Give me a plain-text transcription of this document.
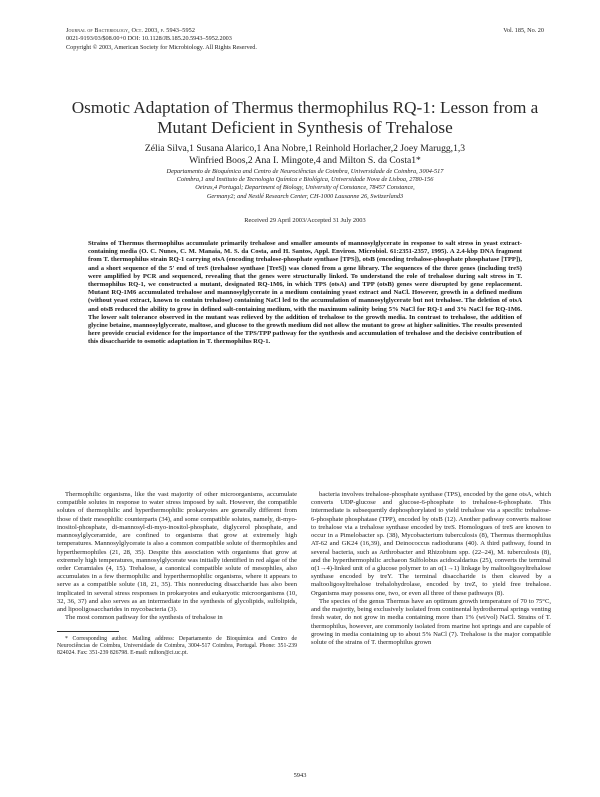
Journal of Bacteriology, Oct. 2003, p. 5943–5952	Vol. 185, No. 20
0021-9193/03/$08.00+0 DOI: 10.1128/JB.185.20.5943–5952.2003
Copyright © 2003, American Society for Microbiology. All Rights Reserved.
Osmotic Adaptation of Thermus thermophilus RQ-1: Lesson from a
Mutant Deficient in Synthesis of Trehalose
Zélia Silva,1 Susana Alarico,1 Ana Nobre,1 Reinhold Horlacher,2 Joey Marugg,1,3
Winfried Boos,2 Ana I. Mingote,4 and Milton S. da Costa1*
Departamento de Bioquímica and Centro de Neurociências de Coimbra, Universidade de Coimbra, 3004-517
Coimbra,1 and Instituto de Tecnologia Química e Biológica, Universidade Nova de Lisboa, 2780-156
Oeiras,4 Portugal; Department of Biology, University of Constance, 78457 Constance,
Germany2; and Nestlé Research Center, CH-1000 Lausanne 26, Switzerland3
Received 29 April 2003/Accepted 31 July 2003
Strains of Thermus thermophilus accumulate primarily trehalose and smaller amounts of mannosylglycerate in response to salt stress in yeast extract-containing media (O. C. Nunes, C. M. Manaia, M. S. da Costa, and H. Santos, Appl. Environ. Microbiol. 61:2351-2357, 1995). A 2.4-kbp DNA fragment from T. thermophilus strain RQ-1 carrying otsA (encoding trehalose-phosphate synthase [TPS]), otsB (encoding trehalose-phosphate phosphatase [TPP]), and a short sequence of the 5′ end of treS (trehalose synthase [TreS]) was cloned from a gene library. The sequences of the three genes (including treS) were amplified by PCR and sequenced, revealing that the genes were structurally linked. To understand the role of trehalose during salt stress in T. thermophilus RQ-1, we constructed a mutant, designated RQ-1M6, in which TPS (otsA) and TPP (otsB) genes were disrupted by gene replacement. Mutant RQ-1M6 accumulated trehalose and mannosylglycerate in a medium containing yeast extract and NaCl. However, growth in a defined medium (without yeast extract, known to contain trehalose) containing NaCl led to the accumulation of mannosylglycerate but not trehalose. The deletion of otsA and otsB reduced the ability to grow in defined salt-containing medium, with the maximum salinity being 5% NaCl for RQ-1 and 3% NaCl for RQ-1M6. The lower salt tolerance observed in the mutant was relieved by the addition of trehalose to the growth media. In contrast to trehalose, the addition of glycine betaine, mannosylglycerate, maltose, and glucose to the growth medium did not allow the mutant to grow at higher salinities. The results presented here provide crucial evidence for the importance of the TPS/TPP pathway for the synthesis and accumulation of trehalose and the decisive contribution of this disaccharide to osmotic adaptation in T. thermophilus RQ-1.

Thermophilic organisms, like the vast majority of other microorganisms, accumulate compatible solutes in response to water stress imposed by salt. However, the compatible solutes of thermophilic and hyperthermophilic prokaryotes are generally different from those of their mesophilic counterparts (34), and some compatible solutes, namely, di-myo-inositol-phosphate, di-mannosyl-di-myo-inositol-phosphate, diglycerol phosphate, and mannosylglyceramide, are confined to organisms that grow at extremely high temperatures. Mannosylglycerate is also a common compatible solute of thermophiles and hyperthermophiles (21, 28, 35). Despite this association with organisms that grow at extremely high temperatures, mannosylglycerate was initially identified in red algae of the order Ceramiales (4, 15). Trehalose, a canonical compatible solute of mesophiles, also accumulates in a few thermophilic and hyperthermophilic organisms, where it appears to serve as a compatible solute (18, 21, 35). This nonreducing disaccharide has also been implicated in several stress responses in prokaryotes and eukaryotic microorganisms (10, 32, 36, 37) and also serves as an intermediate in the synthesis of glycolipids, sulfolipids, and lipooligosaccharides in mycobacteria (3).

The most common pathway for the synthesis of trehalose in

* Corresponding author. Mailing address: Departamento de Bioquímica and Centro de Neurociências de Coimbra, Universidade de Coimbra, 3004-517 Coimbra, Portugal. Phone: 351-239 824024. Fax: 351-239 826798. E-mail: milton@ci.uc.pt.

bacteria involves trehalose-phosphate synthase (TPS), encoded by the gene otsA, which converts UDP-glucose and glucose-6-phosphate to trehalose-6-phosphate. This intermediate is subsequently dephosphorylated to yield trehalose via a specific trehalose-6-phosphate phosphatase (TPP), encoded by otsB (12). Another pathway converts maltose to trehalose via a trehalose synthase encoded by treS. Homologues of treS are known to occur in a Pimelobacter sp. (38), Mycobacterium tuberculosis (8), Thermus thermophilus AT-62 and GK24 (16,39), and Deinococcus radiodurans (40). A third pathway, found in several bacteria, such as Arthrobacter and Rhizobium spp. (22–24), M. tuberculosis (8), and the hyperthermophilic archaeon Sulfolobus acidocaldarius (25), converts the terminal α(1→4)-linked unit of a glucose polymer to an α(1→1) linkage by maltooligosyltrehalose synthase encoded by treY. The terminal disaccharide is then cleaved by a maltooligosyltrehalose trehalohydrolase, encoded by treZ, to yield free trehalose. Organisms may possess one, two, or even all three of these pathways (8).

The species of the genus Thermus have an optimum growth temperature of 70 to 75°C, and the majority, being exclusively isolated from continental hydrothermal springs venting fresh water, do not grow in media containing more than 1% (wt/vol) NaCl. Strains of T. thermophilus, however, are commonly isolated from marine hot springs and are capable of growing in media containing up to about 5% NaCl (7). Trehalose is the major compatible solute of the strains of T. thermophilus grown

5943
